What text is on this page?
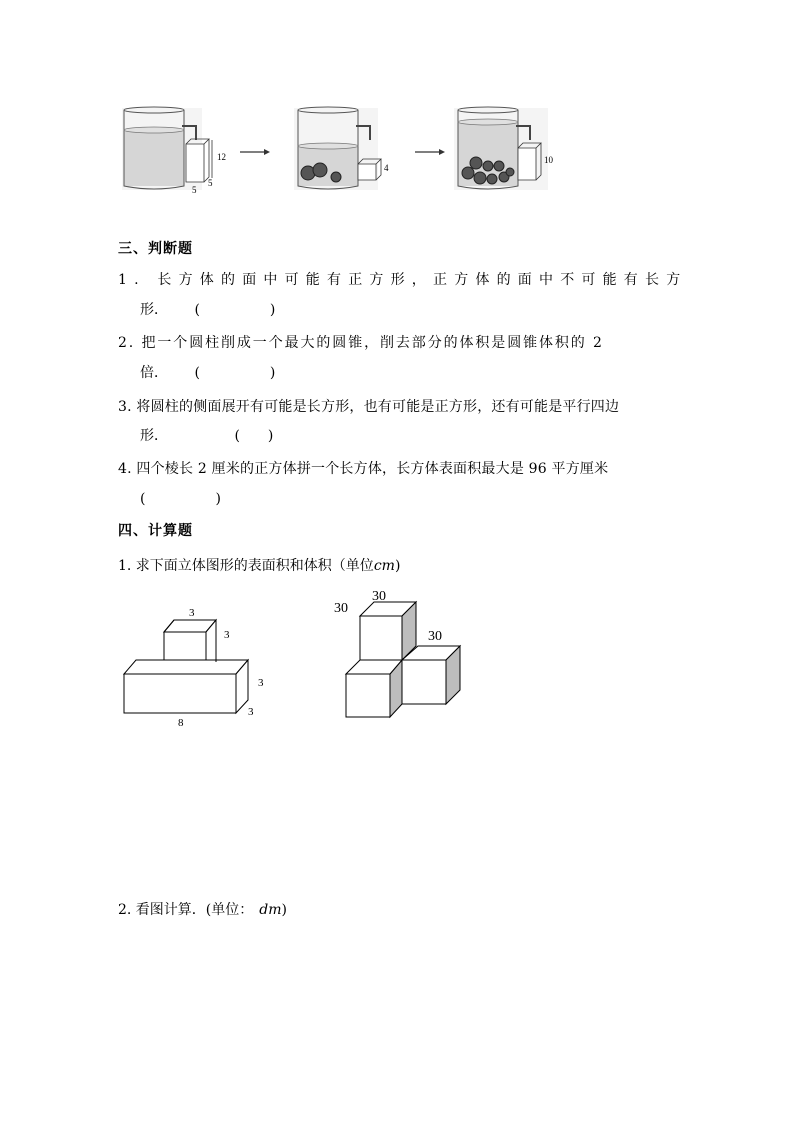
12
5
5
4
10
三、判断题
1. 长方体的面中可能有正方形，正方体的面中不可能有长方
形． (　　　　　)
2. 把一个圆柱削成一个最大的圆锥，削去部分的体积是圆锥体积的 2
倍． (　　　　　)
3. 将圆柱的侧面展开有可能是长方形，也有可能是正方形，还有可能是平行四边
形．	(　　)
4. 四个棱长 2 厘米的正方体拼一个长方体，长方体表面积最大是 96 平方厘米
(　　　　　)
四、计算题
1. 求下面立体图形的表面积和体积（单位cm)
3
3
3
3
8
30
30
30
2. 看图计算．(单位： dm)
